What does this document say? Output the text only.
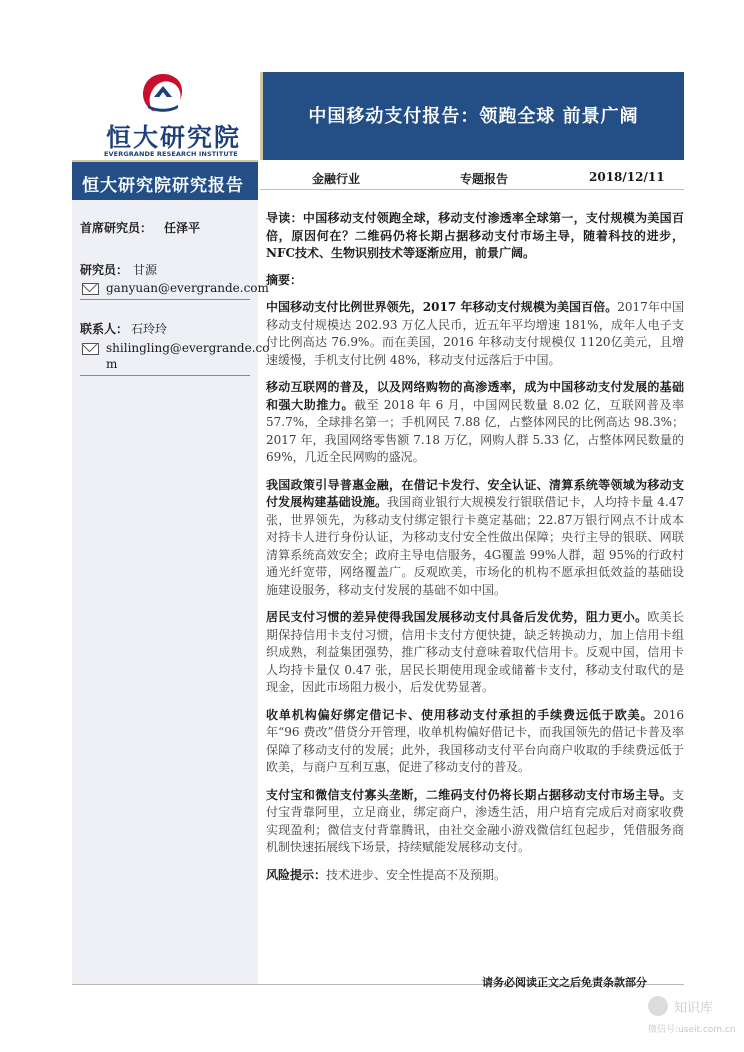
恒大研究院
EVERGRANDE RESEARCH INSTITUTE
中国移动支付报告：领跑全球 前景广阔
恒大研究院研究报告	金融行业	专题报告	2018/12/11
首席研究员： 任泽平
研究员： 甘源
ganyuan@evergrande.com
联系人： 石玲玲
shilingling@evergrande.co
m
导读：中国移动支付领跑全球，移动支付渗透率全球第一，支付规模为美国百倍，原因何在？二维码仍将长期占据移动支付市场主导，随着科技的进步，NFC技术、生物识别技术等逐渐应用，前景广阔。
摘要：
中国移动支付比例世界领先，2017 年移动支付规模为美国百倍。2017年中国移动支付规模达 202.93 万亿人民币，近五年平均增速 181%，成年人电子支付比例高达 76.9%。而在美国，2016 年移动支付规模仅 1120亿美元，且增速缓慢，手机支付比例 48%，移动支付远落后于中国。
移动互联网的普及，以及网络购物的高渗透率，成为中国移动支付发展的基础和强大助推力。截至 2018 年 6 月，中国网民数量 8.02 亿，互联网普及率 57.7%，全球排名第一；手机网民 7.88 亿，占整体网民的比例高达 98.3%；2017 年，我国网络零售额 7.18 万亿，网购人群 5.33 亿，占整体网民数量的 69%，几近全民网购的盛况。
我国政策引导普惠金融，在借记卡发行、安全认证、清算系统等领域为移动支付发展构建基础设施。我国商业银行大规模发行银联借记卡，人均持卡量 4.47 张，世界领先，为移动支付绑定银行卡奠定基础；22.87万银行网点不计成本对持卡人进行身份认证，为移动支付安全性做出保障；央行主导的银联、网联清算系统高效安全；政府主导电信服务，4G覆盖 99%人群，超 95%的行政村通光纤宽带，网络覆盖广。反观欧美，市场化的机构不愿承担低效益的基础设施建设服务，移动支付发展的基础不如中国。
居民支付习惯的差异使得我国发展移动支付具备后发优势，阻力更小。欧美长期保持信用卡支付习惯，信用卡支付方便快捷，缺乏转换动力，加上信用卡组织成熟，利益集团强势，推广移动支付意味着取代信用卡。反观中国，信用卡人均持卡量仅 0.47 张，居民长期使用现金或储蓄卡支付，移动支付取代的是现金，因此市场阻力极小，后发优势显著。
收单机构偏好绑定借记卡、使用移动支付承担的手续费远低于欧美。2016年“96 费改”借贷分开管理，收单机构偏好借记卡，而我国领先的借记卡普及率保障了移动支付的发展；此外，我国移动支付平台向商户收取的手续费远低于欧美，与商户互利互惠，促进了移动支付的普及。
支付宝和微信支付寡头垄断，二维码支付仍将长期占据移动支付市场主导。支付宝背靠阿里，立足商业，绑定商户，渗透生活，用户培育完成后对商家收费实现盈利；微信支付背靠腾讯，由社交金融小游戏微信红包起步，凭借服务商机制快速拓展线下场景，持续赋能发展移动支付。
风险提示：技术进步、安全性提高不及预期。
请务必阅读正文之后免责条款部分
知识库
微信号:useit.com.cn
